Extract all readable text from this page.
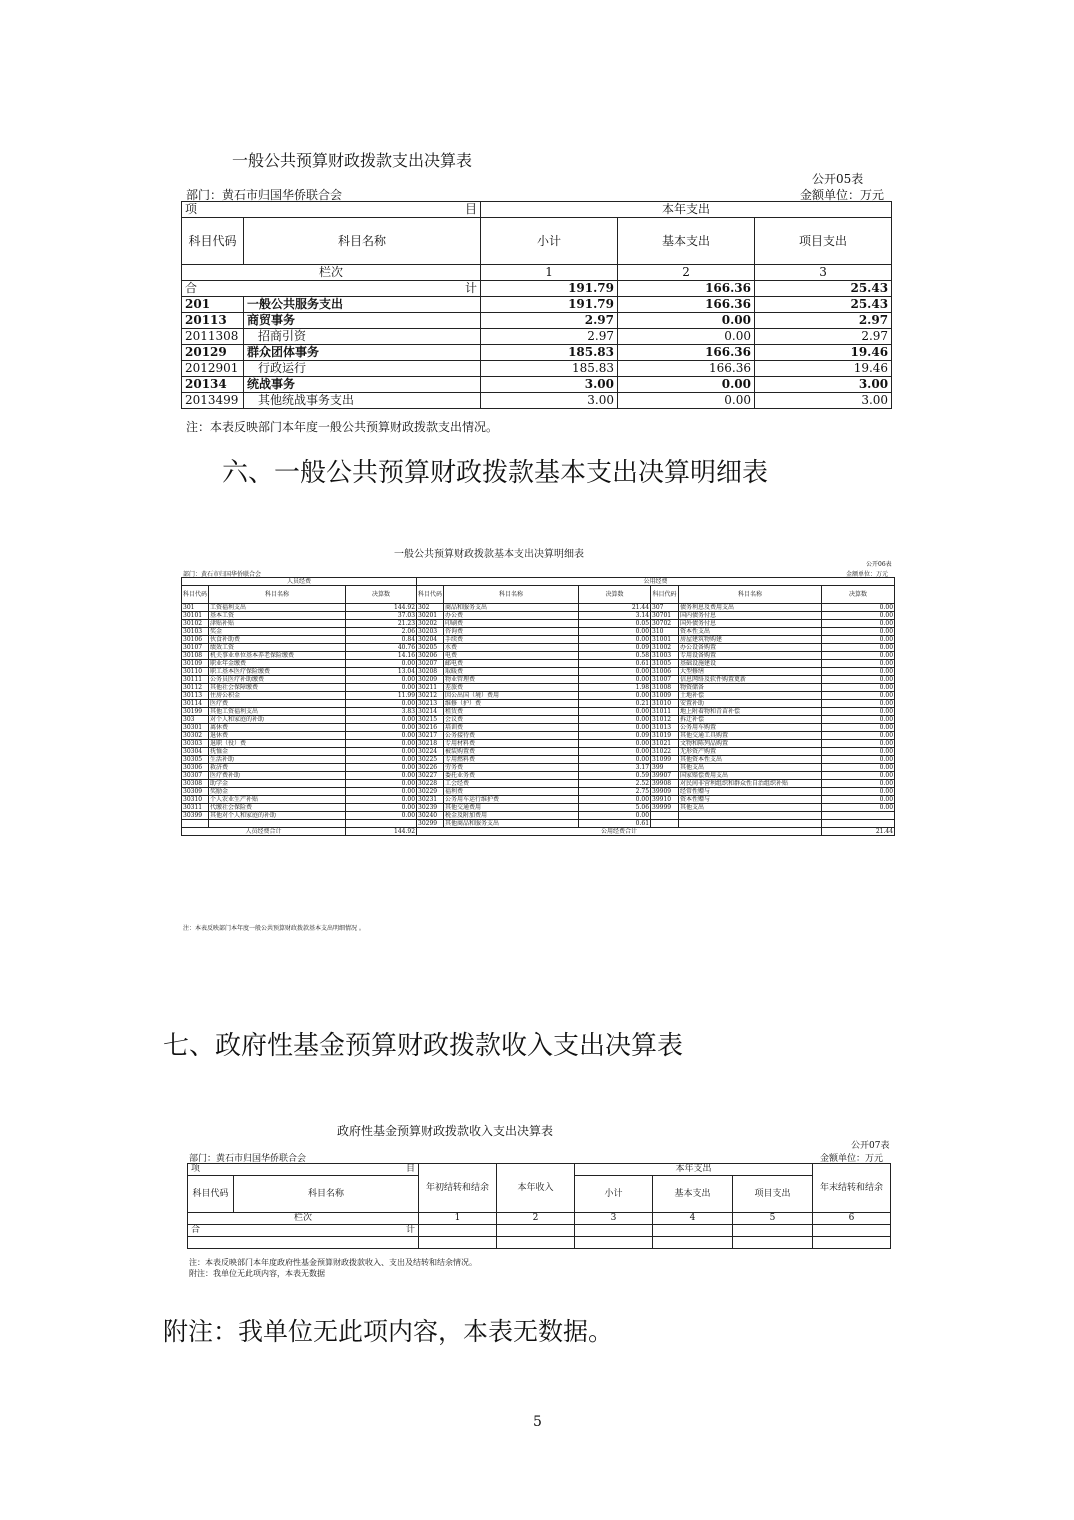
一般公共预算财政拨款支出决算表
公开05表
部门：黄石市归国华侨联合会	金额单位：万元
项 目		本年支出		
科目代码	科目名称	小计	基本支出	项目支出
栏次		1	2	3
合 计		191.79	166.36	25.43
201	一般公共服务支出	191.79	166.36	25.43
20113	商贸事务	2.97	0.00	2.97
2011308	招商引资	2.97	0.00	2.97
20129	群众团体事务	185.83	166.36	19.46
2012901	行政运行	185.83	166.36	19.46
20134	统战事务	3.00	0.00	3.00
2013499	其他统战事务支出	3.00	0.00	3.00
注：本表反映部门本年度一般公共预算财政拨款支出情况。
六、一般公共预算财政拨款基本支出决算明细表
一般公共预算财政拨款基本支出决算明细表
公开06表
部门：黄石市归国华侨联合会	金额单位：万元
人员经费			公用经费					
科目代码	科目名称	决算数	科目代码	科目名称	决算数	科目代码	科目名称	决算数
301	工资福利支出	144.92	302	商品和服务支出	21.44	307	债务利息及费用支出	0.00
30101	基本工资	37.03	30201	办公费	3.14	30701	国内债务付息	0.00
30102	津贴补贴	21.23	30202	印刷费	0.05	30702	国外债务付息	0.00
30103	奖金	2.06	30203	咨询费	0.00	310	资本性支出	0.00
30106	伙食补助费	0.84	30204	手续费	0.00	31001	房屋建筑物购建	0.00
30107	绩效工资	40.76	30205	水费	0.09	31002	办公设备购置	0.00
30108	机关事业单位基本养老保险缴费	14.16	30206	电费	0.58	31003	专用设备购置	0.00
30109	职业年金缴费	0.00	30207	邮电费	0.61	31005	基础设施建设	0.00
30110	职工基本医疗保险缴费	13.04	30208	取暖费	0.00	31006	大型修缮	0.00
30111	公务员医疗补助缴费	0.00	30209	物业管理费	0.00	31007	信息网络及软件购置更新	0.00
30112	其他社会保障缴费	0.00	30211	差旅费	1.98	31008	物资储备	0.00
30113	住房公积金	11.99	30212	因公出国（境）费用	0.00	31009	土地补偿	0.00
30114	医疗费	0.00	30213	维修（护）费	0.21	31010	安置补助	0.00
30199	其他工资福利支出	3.83	30214	租赁费	0.00	31011	地上附着物和青苗补偿	0.00
303	对个人和家庭的补助	0.00	30215	会议费	0.00	31012	拆迁补偿	0.00
30301	离休费	0.00	30216	培训费	0.00	31013	公务用车购置	0.00
30302	退休费	0.00	30217	公务接待费	0.09	31019	其他交通工具购置	0.00
30303	退职（役）费	0.00	30218	专用材料费	0.00	31021	文物和陈列品购置	0.00
30304	抚恤金	0.00	30224	被装购置费	0.00	31022	无形资产购置	0.00
30305	生活补助	0.00	30225	专用燃料费	0.00	31099	其他资本性支出	0.00
30306	救济费	0.00	30226	劳务费	3.17	399	其他支出	0.00
30307	医疗费补助	0.00	30227	委托业务费	0.59	39907	国家赔偿费用支出	0.00
30308	助学金	0.00	30228	工会经费	2.52	39908	对民间非营利组织和群众性自治组织补贴	0.00
30309	奖励金	0.00	30229	福利费	2.75	39909	经常性赠与	0.00
30310	个人农业生产补贴	0.00	30231	公务用车运行维护费	0.00	39910	资本性赠与	0.00
30311	代缴社会保险费	0.00	30239	其他交通费用	5.06	39999	其他支出	0.00
30399	其他对个人和家庭的补助	0.00	30240	税金及附加费用	0.00			
			30299	其他商品和服务支出	0.61			
人员经费合计		144.92	公用经费合计					21.44
注：本表反映部门本年度一般公共预算财政拨款基本支出明细情况 。
七、政府性基金预算财政拨款收入支出决算表
政府性基金预算财政拨款收入支出决算表
公开07表
部门：黄石市归国华侨联合会	金额单位：万元
项 目		年初结转和结余	本年收入	本年支出			年末结转和结余
科目代码	科目名称			小计	基本支出	项目支出	
栏次		1	2	3	4	5	6
合 计							

注：本表反映部门本年度政府性基金预算财政拨款收入、支出及结转和结余情况。
附注：我单位无此项内容，本表无数据
附注：我单位无此项内容，本表无数据。
5
